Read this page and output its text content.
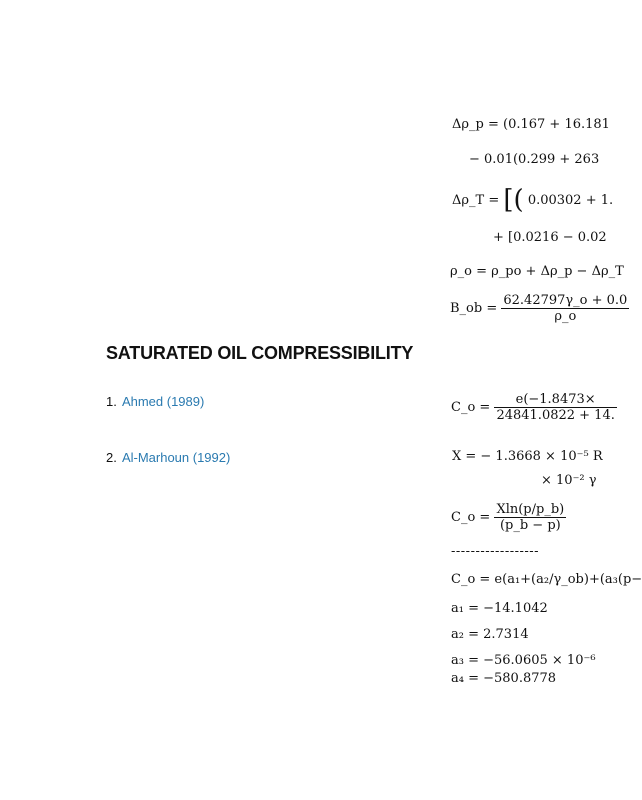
Δρ_p = (0.167 + 16.181
− 0.01(0.299 + 263
Δρ_T = [( 0.00302 + 1.
+ [0.0216 − 0.02
ρ_o = ρ_po + Δρ_p − Δρ_T
B_ob = $\frac{62.42797\gamma\_o + 0.0}{\rho\_o}$
SATURATED OIL COMPRESSIBILITY
1. Ahmed (1989)
2. Al-Marhoun (1992)
C_o = $\frac{e(-1.8473\times}{24841.0822 + 14.}$
X = − 1.3668 × 10⁻⁵ R
× 10⁻² γ
C_o = $\frac{Xln(p/p\_b)}{(p\_b - p)}$
------------------
C_o = e(a₁+(a₂/γ_ob)+(a₃(p−
a₁ = −14.1042
a₂ = 2.7314
a₃ = −56.0605 × 10⁻⁶
a₄ = −580.8778
